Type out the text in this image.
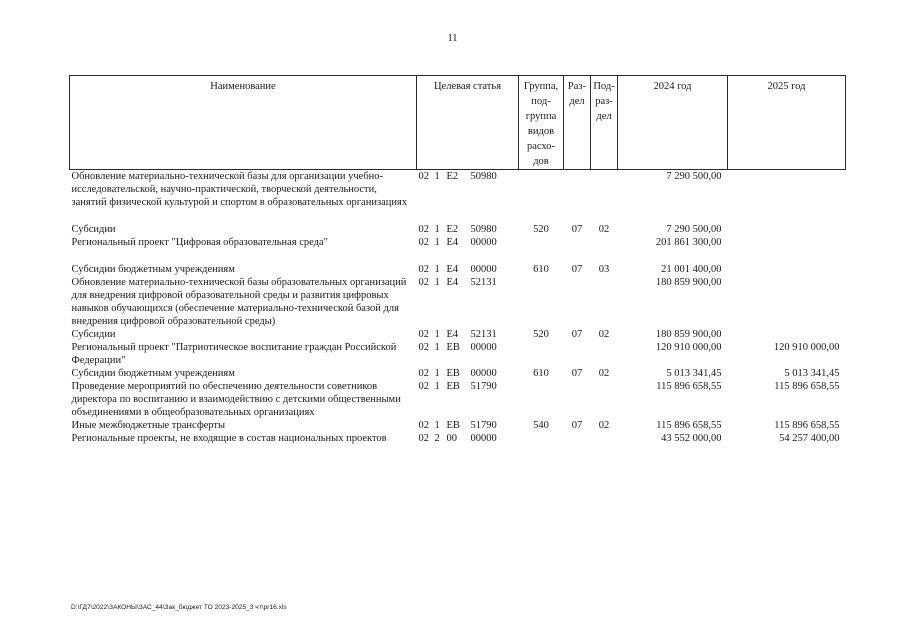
11
Наименование	Целевая статья	Группа, под-группа видов расхо-дов	Раз-дел	Под-раз-дел	2024 год	2025 год
Обновление материально-технической базы для организации учебно-исследовательской, научно-практической, творческой деятельности, занятий физической культурой и спортом в образовательных организациях	02 1 Е2 50980				7 290 500,00	

Субсидии	02 1 Е2 50980	520	07	02	7 290 500,00	
Региональный проект "Цифровая образовательная среда"	02 1 Е4 00000				201 861 300,00	

Субсидии бюджетным учреждениям	02 1 Е4 00000	610	07	03	21 001 400,00	
Обновление материально-технической базы образовательных организаций для внедрения цифровой образовательной среды и развития цифровых навыков обучающихся (обеспечение материально-технической базой для внедрения цифровой образовательной среды)	02 1 Е4 52131				180 859 900,00	
Субсидии	02 1 Е4 52131	520	07	02	180 859 900,00	
Региональный проект "Патриотическое воспитание граждан Российской Федерации"	02 1 ЕВ 00000				120 910 000,00	120 910 000,00
Субсидии бюджетным учреждениям	02 1 ЕВ 00000	610	07	02	5 013 341,45	5 013 341,45
Проведение мероприятий по обеспечению деятельности советников директора по воспитанию и взаимодействию с детскими общественными объединениями в общеобразовательных организациях	02 1 ЕВ 51790				115 896 658,55	115 896 658,55
Иные межбюджетные трансферты	02 1 ЕВ 51790	540	07	02	115 896 658,55	115 896 658,55
Региональные проекты, не входящие в состав национальных проектов	02 2 00 00000				43 552 000,00	54 257 400,00
D:\ГД7\2022\ЗАКОНЫ\ЗАС_44\Зак_бюджет ТО 2023-2025_3 чт\pr16.xls
